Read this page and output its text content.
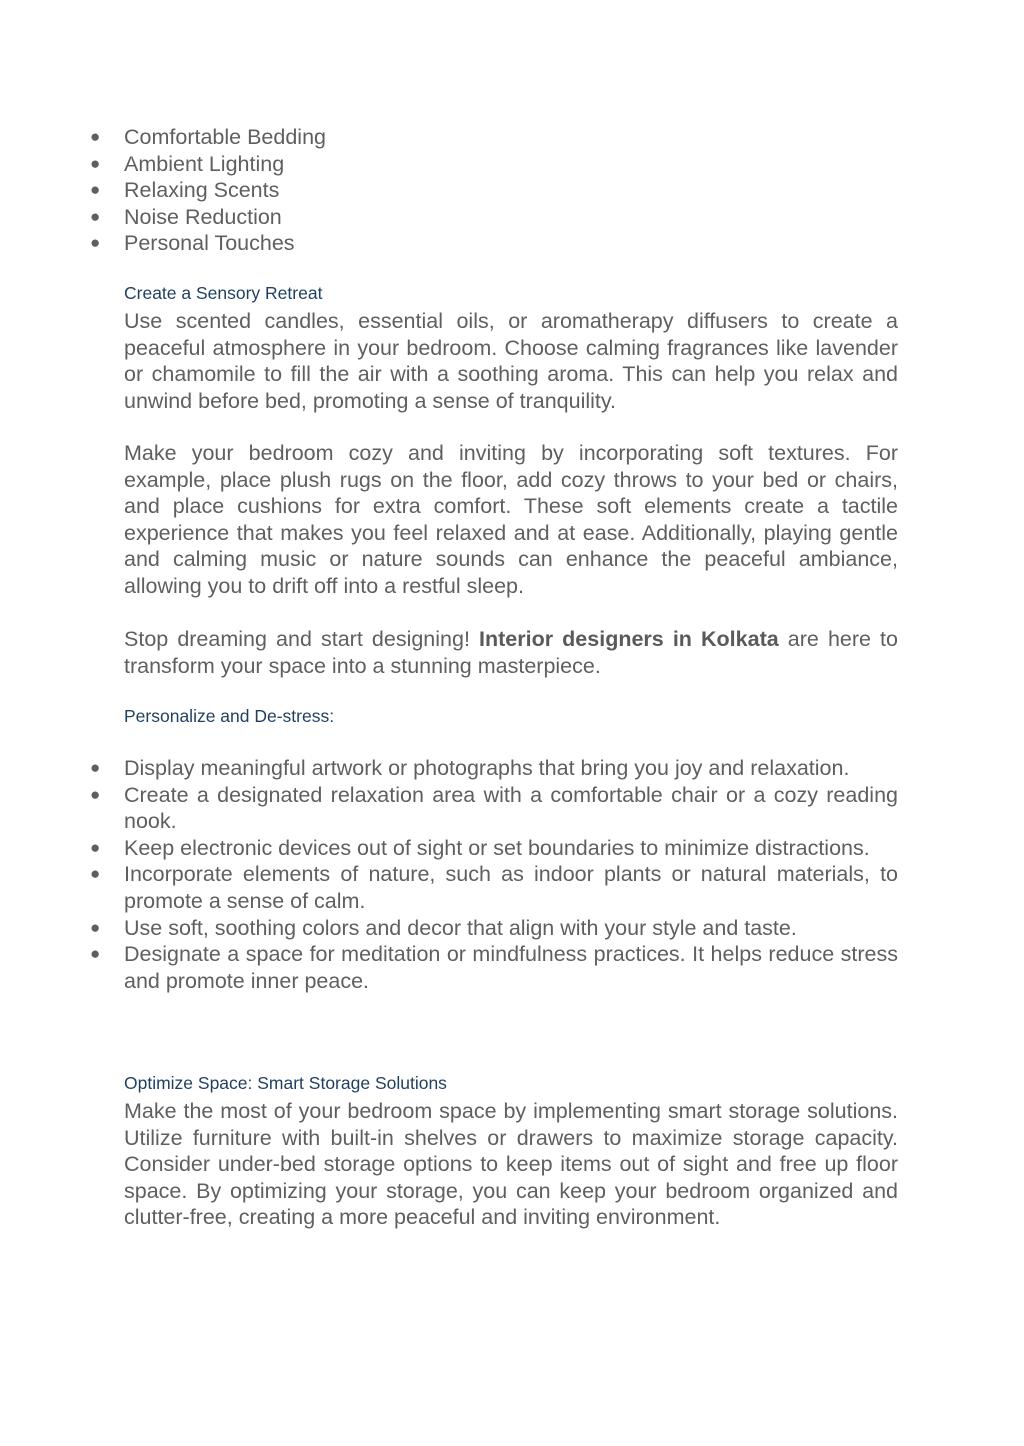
●	Comfortable Bedding
●	Ambient Lighting
●	Relaxing Scents
●	Noise Reduction
●	Personal Touches
Create a Sensory Retreat

Use scented candles, essential oils, or aromatherapy diffusers to create a peaceful atmosphere in your bedroom. Choose calming fragrances like lavender or chamomile to fill the air with a soothing aroma. This can help you relax and unwind before bed, promoting a sense of tranquility.

Make your bedroom cozy and inviting by incorporating soft textures. For example, place plush rugs on the floor, add cozy throws to your bed or chairs, and place cushions for extra comfort. These soft elements create a tactile experience that makes you feel relaxed and at ease. Additionally, playing gentle and calming music or nature sounds can enhance the peaceful ambiance, allowing you to drift off into a restful sleep.

Stop dreaming and start designing! Interior designers in Kolkata are here to transform your space into a stunning masterpiece.

Personalize and De-stress:
●	Display meaningful artwork or photographs that bring you joy and relaxation.
●	Create a designated relaxation area with a comfortable chair or a cozy reading nook.
●	Keep electronic devices out of sight or set boundaries to minimize distractions.
●	Incorporate elements of nature, such as indoor plants or natural materials, to promote a sense of calm.
●	Use soft, soothing colors and decor that align with your style and taste.
●	Designate a space for meditation or mindfulness practices. It helps reduce stress and promote inner peace.
Optimize Space: Smart Storage Solutions

Make the most of your bedroom space by implementing smart storage solutions. Utilize furniture with built-in shelves or drawers to maximize storage capacity. Consider under-bed storage options to keep items out of sight and free up floor space. By optimizing your storage, you can keep your bedroom organized and clutter-free, creating a more peaceful and inviting environment.
